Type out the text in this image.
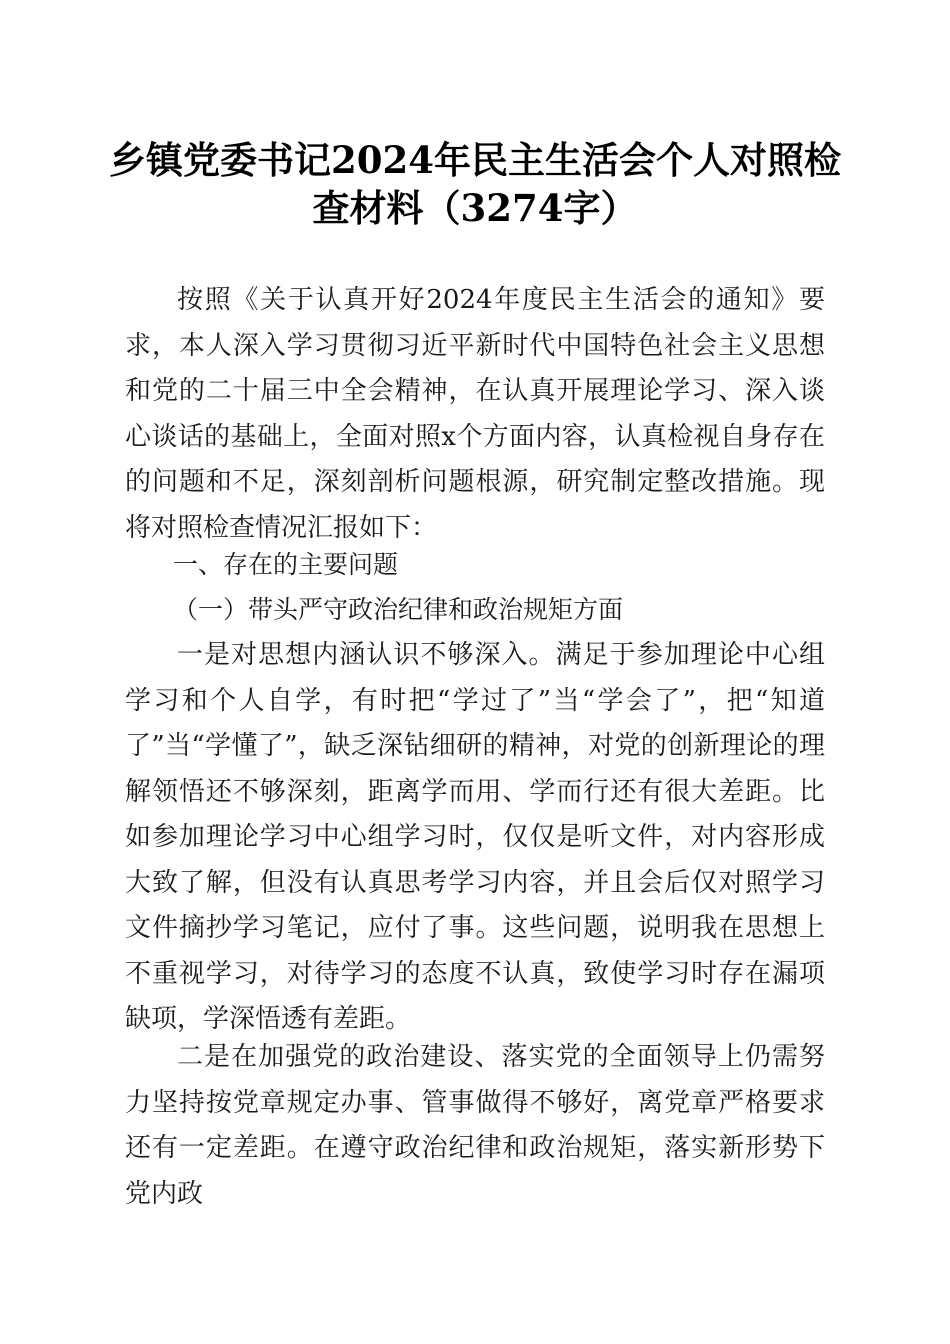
乡镇党委书记2024年民主生活会个人对照检
查材料（3274字）

按照《关于认真开好2024年度民主生活会的通知》要求，本人深入学习贯彻习近平新时代中国特色社会主义思想和党的二十届三中全会精神，在认真开展理论学习、深入谈心谈话的基础上，全面对照x个方面内容，认真检视自身存在的问题和不足，深刻剖析问题根源，研究制定整改措施。现将对照检查情况汇报如下：

一、存在的主要问题

（一）带头严守政治纪律和政治规矩方面

一是对思想内涵认识不够深入。满足于参加理论中心组学习和个人自学，有时把“学过了”当“学会了”，把“知道了”当“学懂了”，缺乏深钻细研的精神，对党的创新理论的理解领悟还不够深刻，距离学而用、学而行还有很大差距。比如参加理论学习中心组学习时，仅仅是听文件，对内容形成大致了解，但没有认真思考学习内容，并且会后仅对照学习文件摘抄学习笔记，应付了事。这些问题，说明我在思想上不重视学习，对待学习的态度不认真，致使学习时存在漏项缺项，学深悟透有差距。

二是在加强党的政治建设、落实党的全面领导上仍需努力坚持按党章规定办事、管事做得不够好，离党章严格要求还有一定差距。在遵守政治纪律和政治规矩，落实新形势下党内政
